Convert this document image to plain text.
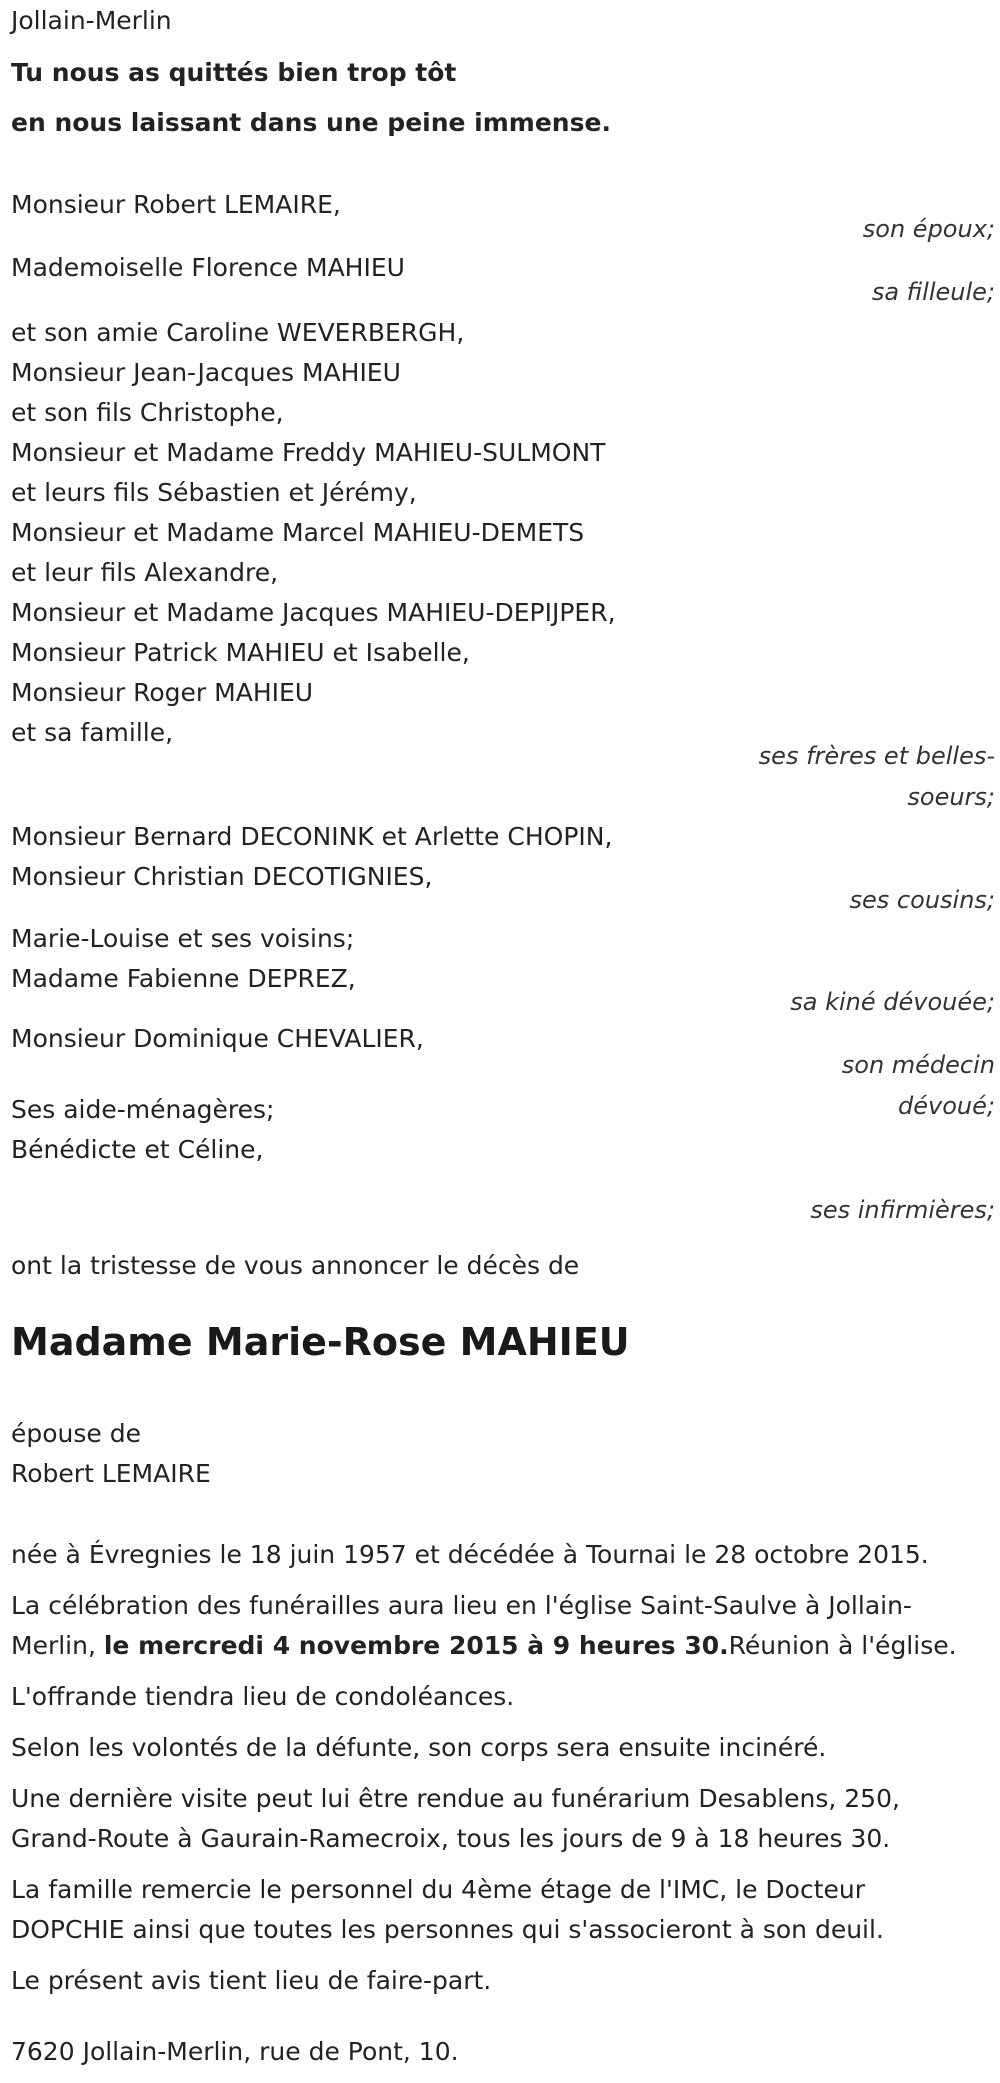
Jollain-Merlin
Tu nous as quittés bien trop tôt
en nous laissant dans une peine immense.
Monsieur Robert LEMAIRE,
son époux;
Mademoiselle Florence MAHIEU
sa filleule;
et son amie Caroline WEVERBERGH,
Monsieur Jean-Jacques MAHIEU
et son fils Christophe,
Monsieur et Madame Freddy MAHIEU-SULMONT
et leurs fils Sébastien et Jérémy,
Monsieur et Madame Marcel MAHIEU-DEMETS
et leur fils Alexandre,
Monsieur et Madame Jacques MAHIEU-DEPIJPER,
Monsieur Patrick MAHIEU et Isabelle,
Monsieur Roger MAHIEU
et sa famille,
ses frères et belles-
soeurs;
Monsieur Bernard DECONINK et Arlette CHOPIN,
Monsieur Christian DECOTIGNIES,
ses cousins;
Marie-Louise et ses voisins;
Madame Fabienne DEPREZ,
sa kiné dévouée;
Monsieur Dominique CHEVALIER,
son médecin
dévoué;
Ses aide-ménagères;
Bénédicte et Céline,
ses infirmières;
ont la tristesse de vous annoncer le décès de
Madame Marie-Rose MAHIEU
épouse de
Robert LEMAIRE
née à Évregnies le 18 juin 1957 et décédée à Tournai le 28 octobre 2015.
La célébration des funérailles aura lieu en l'église Saint-Saulve à Jollain-
Merlin, le mercredi 4 novembre 2015 à 9 heures 30.Réunion à l'église.
L'offrande tiendra lieu de condoléances.
Selon les volontés de la défunte, son corps sera ensuite incinéré.
Une dernière visite peut lui être rendue au funérarium Desablens, 250,
Grand-Route à Gaurain-Ramecroix, tous les jours de 9 à 18 heures 30.
La famille remercie le personnel du 4ème étage de l'IMC, le Docteur
DOPCHIE ainsi que toutes les personnes qui s'associeront à son deuil.
Le présent avis tient lieu de faire-part.
7620 Jollain-Merlin, rue de Pont, 10.
